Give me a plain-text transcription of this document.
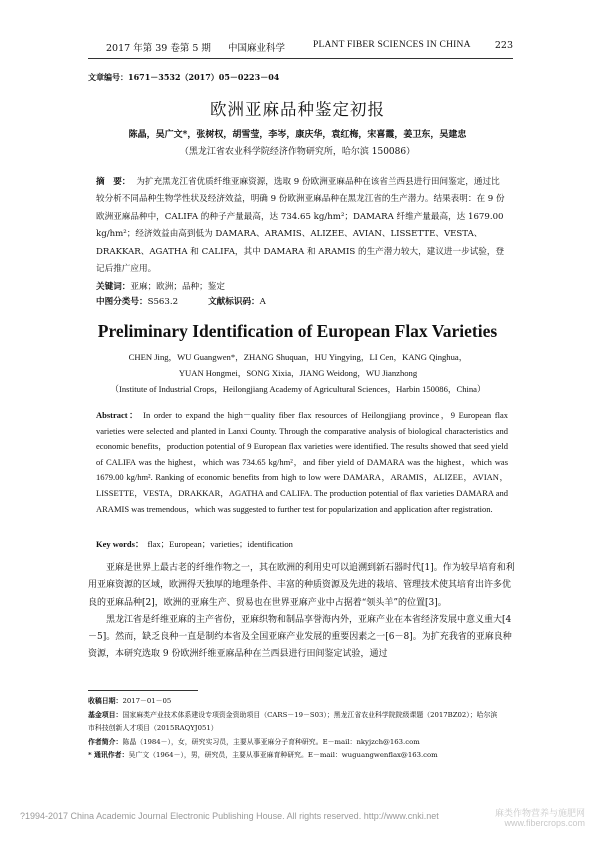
2017 年第 39 卷第 5 期 中国麻业科学	PLANT FIBER SCIENCES IN CHINA	223
文章编号：1671－3532（2017）05－0223－04
欧洲亚麻品种鉴定初报
陈晶，吴广文*，张树权，胡雪莹，李岑，康庆华，袁红梅，宋喜霞，姜卫东，吴建忠
（黑龙江省农业科学院经济作物研究所，哈尔滨 150086）
摘　要： 为扩充黑龙江省优质纤维亚麻资源，选取 9 份欧洲亚麻品种在该省兰西县进行田间鉴定，通过比较分析不同品种生物学性状及经济效益，明确 9 份欧洲亚麻品种在黑龙江省的生产潜力。结果表明：在 9 份欧洲亚麻品种中，CALIFA 的种子产量最高，达 734.65 kg/hm²；DAMARA 纤维产量最高，达 1679.00 kg/hm²；经济效益由高到低为 DAMARA、ARAMIS、ALIZEE、AVIAN、LISSETTE、VESTA、DRAKKAR、AGATHA 和 CALIFA，其中 DAMARA 和 ARAMIS 的生产潜力较大，建议进一步试验，登记后推广应用。
关键词：亚麻；欧洲；品种；鉴定
中图分类号：S563.2	文献标识码：A
Preliminary Identification of European Flax Varieties
CHEN Jing，WU Guangwen*，ZHANG Shuquan，HU Yingying，LI Cen，KANG Qinghua，
YUAN Hongmei，SONG Xixia，JIANG Weidong，WU Jianzhong
（Institute of Industrial Crops，Heilongjiang Academy of Agricultural Sciences，Harbin 150086，China）
Abstract： In order to expand the high－quality fiber flax resources of Heilongjiang province，9 European flax varieties were selected and planted in Lanxi County. Through the comparative analysis of biological characteristics and economic benefits，production potential of 9 European flax varieties were identified. The results showed that seed yield of CALIFA was the highest，which was 734.65 kg/hm²，and fiber yield of DAMARA was the highest，which was 1679.00 kg/hm². Ranking of economic benefits from high to low were DAMARA，ARAMIS，ALIZEE，AVIAN，LISSETTE，VESTA，DRAKKAR，AGATHA and CALIFA. The production potential of flax varieties DAMARA and ARAMIS was tremendous，which was suggested to further test for popularization and application after registration.
Key words： flax；European；varieties；identification

亚麻是世界上最古老的纤维作物之一，其在欧洲的利用史可以追溯到新石器时代[1]。作为较早培育和利用亚麻资源的区域，欧洲得天独厚的地理条件、丰富的种质资源及先进的栽培、管理技术使其培育出许多优良的亚麻品种[2]，欧洲的亚麻生产、贸易也在世界亚麻产业中占据着“领头羊”的位置[3]。

黑龙江省是纤维亚麻的主产省份，亚麻织物和制品享誉海内外，亚麻产业在本省经济发展中意义重大[4－5]。然而，缺乏良种一直是制约本省及全国亚麻产业发展的重要因素之一[6－8]。为扩充我省的亚麻良种资源，本研究选取 9 份欧洲纤维亚麻品种在兰西县进行田间鉴定试验，通过

收稿日期：2017－01－05
基金项目：国家麻类产业技术体系建设专项资金资助项目（CARS－19－S03）；黑龙江省农业科学院院级课题（2017BZ02）；哈尔滨
市科技创新人才项目（2015RAQYJ051）
作者简介：陈晶（1984－），女，研究实习员，主要从事亚麻分子育种研究。E－mail：nkyjzch@163.com
* 通讯作者：吴广文（1964－），男，研究员，主要从事亚麻育种研究。E－mail：wuguangwenflax@163.com
?1994-2017 China Academic Journal Electronic Publishing House. All rights reserved. http://www.cnki.net	麻类作物营养与施肥网
www.fibercrops.com
